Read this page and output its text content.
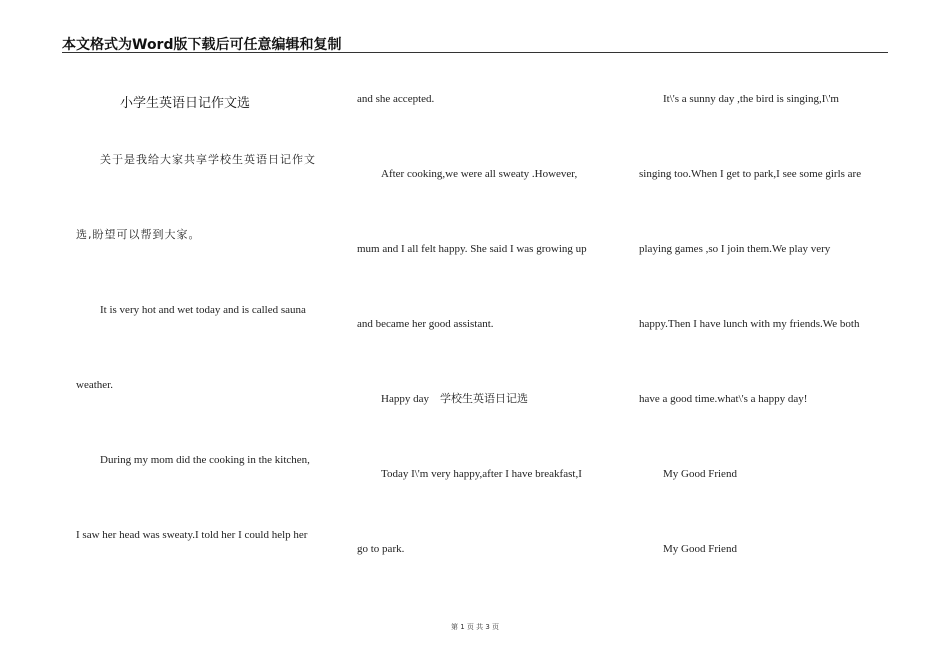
本文格式为Word版下载后可任意编辑和复制
小学生英语日记作文选
关于是我给大家共享学校生英语日记作文
选,盼望可以帮到大家。
It is very hot and wet today and is called sauna
weather.
During my mom did the cooking in the kitchen,
I saw her head was sweaty.I told her I could help her
and she accepted.
After cooking,we were all sweaty .However,
mum and I all felt happy. She said I was growing up
and became her good assistant.
Happy day　学校生英语日记选
Today I\'m very happy,after I have breakfast,I
go to park.
It\'s a sunny day ,the bird is singing,I\'m
singing too.When I get to park,I see some girls are
playing games ,so I join them.We play very
happy.Then I have lunch with my friends.We both
have a good time.what\'s a happy day!
My Good Friend
My Good Friend
第 1 页 共 3 页
